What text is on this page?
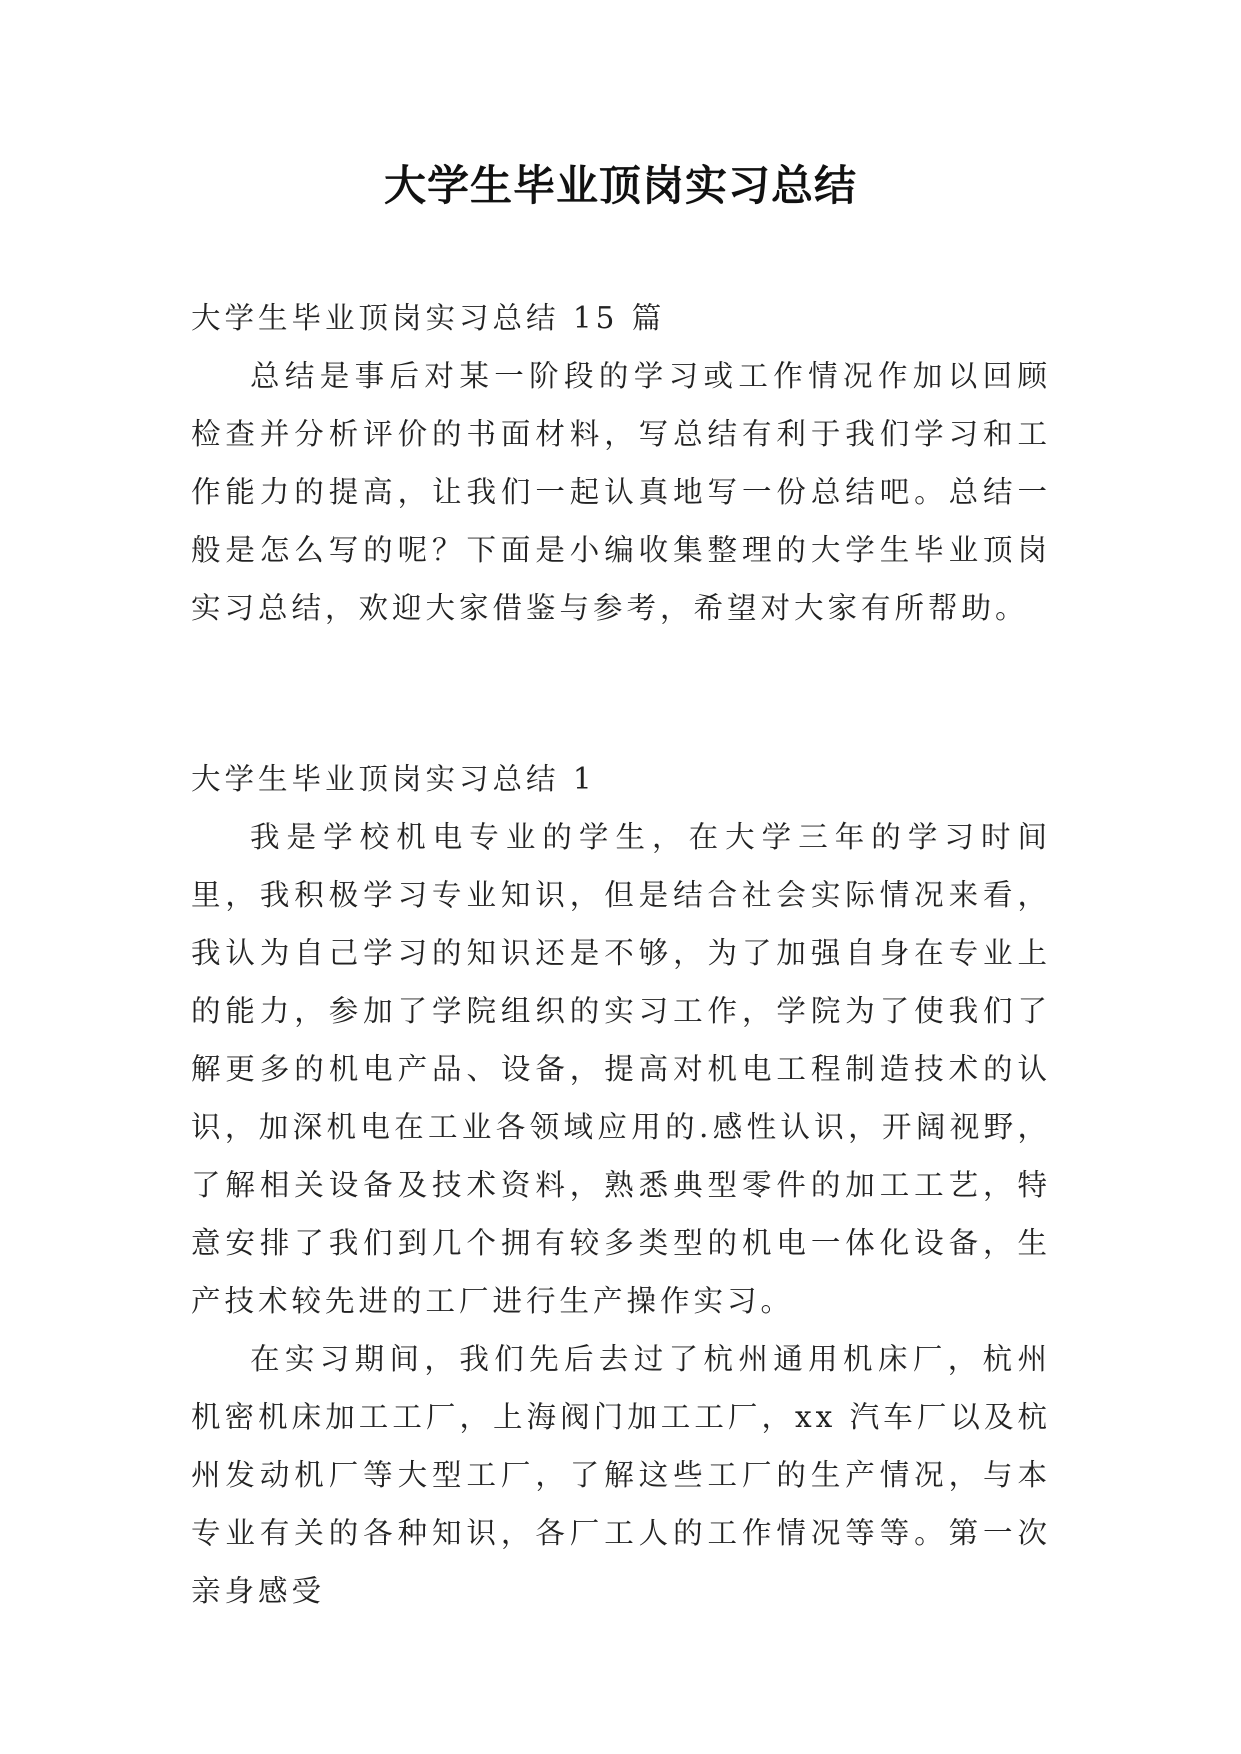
大学生毕业顶岗实习总结
大学生毕业顶岗实习总结 15 篇

总结是事后对某一阶段的学习或工作情况作加以回顾检查并分析评价的书面材料，写总结有利于我们学习和工作能力的提高，让我们一起认真地写一份总结吧。总结一般是怎么写的呢？下面是小编收集整理的大学生毕业顶岗实习总结，欢迎大家借鉴与参考，希望对大家有所帮助。

大学生毕业顶岗实习总结 1

我是学校机电专业的学生，在大学三年的学习时间里，我积极学习专业知识，但是结合社会实际情况来看，我认为自己学习的知识还是不够，为了加强自身在专业上的能力，参加了学院组织的实习工作，学院为了使我们了解更多的机电产品、设备，提高对机电工程制造技术的认识，加深机电在工业各领域应用的.感性认识，开阔视野，了解相关设备及技术资料，熟悉典型零件的加工工艺，特意安排了我们到几个拥有较多类型的机电一体化设备，生产技术较先进的工厂进行生产操作实习。

在实习期间，我们先后去过了杭州通用机床厂，杭州机密机床加工工厂，上海阀门加工工厂，xx 汽车厂以及杭州发动机厂等大型工厂，了解这些工厂的生产情况，与本专业有关的各种知识，各厂工人的工作情况等等。第一次亲身感受
